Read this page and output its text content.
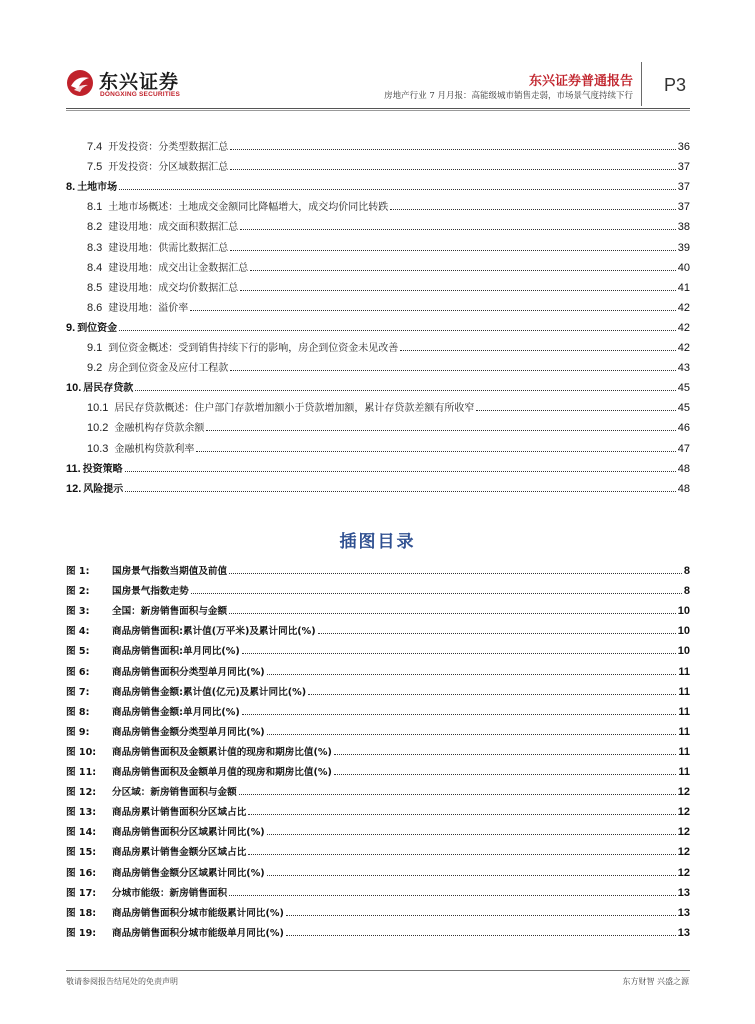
东兴证券
DONGXING SECURITIES
东兴证券普通报告
房地产行业 7 月月报：高能级城市销售走弱，市场景气度持续下行
P3
7.4 开发投资：分类型数据汇总	36
7.5 开发投资：分区域数据汇总	37
8. 土地市场	37
8.1 土地市场概述：土地成交金额同比降幅增大，成交均价同比转跌	37
8.2 建设用地：成交面积数据汇总	38
8.3 建设用地：供需比数据汇总	39
8.4 建设用地：成交出让金数据汇总	40
8.5 建设用地：成交均价数据汇总	41
8.6 建设用地：溢价率	42
9. 到位资金	42
9.1 到位资金概述：受到销售持续下行的影响，房企到位资金未见改善	42
9.2 房企到位资金及应付工程款	43
10. 居民存贷款	45
10.1 居民存贷款概述：住户部门存款增加额小于贷款增加额，累计存贷款差额有所收窄	45
10.2 金融机构存贷款余额	46
10.3 金融机构贷款利率	47
11. 投资策略	48
12. 风险提示	48
插图目录
图 1: 国房景气指数当期值及前值	8
图 2: 国房景气指数走势	8
图 3: 全国：新房销售面积与金额	10
图 4: 商品房销售面积:累计值(万平米)及累计同比(%)	10
图 5: 商品房销售面积:单月同比(%)	10
图 6: 商品房销售面积分类型单月同比(%)	11
图 7: 商品房销售金额:累计值(亿元)及累计同比(%)	11
图 8: 商品房销售金额:单月同比(%)	11
图 9: 商品房销售金额分类型单月同比(%)	11
图 10: 商品房销售面积及金额累计值的现房和期房比值(%)	11
图 11: 商品房销售面积及金额单月值的现房和期房比值(%)	11
图 12: 分区域：新房销售面积与金额	12
图 13: 商品房累计销售面积分区域占比	12
图 14: 商品房销售面积分区域累计同比(%)	12
图 15: 商品房累计销售金额分区域占比	12
图 16: 商品房销售金额分区域累计同比(%)	12
图 17: 分城市能级：新房销售面积	13
图 18: 商品房销售面积分城市能级累计同比(%)	13
图 19: 商品房销售面积分城市能级单月同比(%)	13
敬请参阅报告结尾处的免责声明	东方财智 兴盛之源
